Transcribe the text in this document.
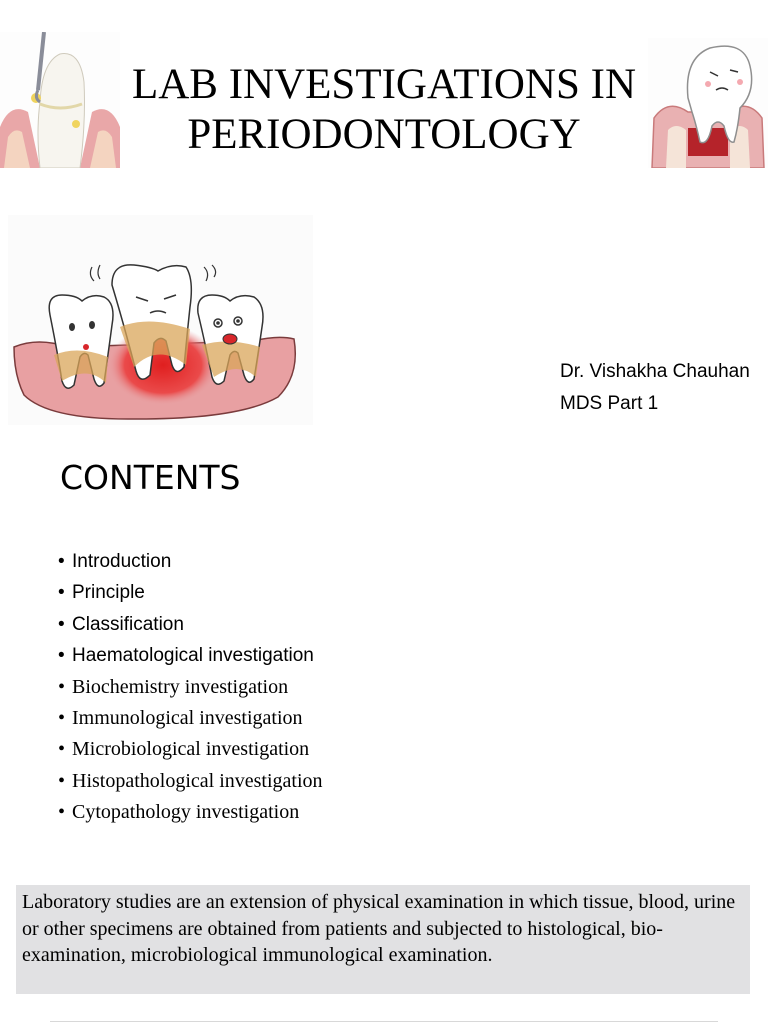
LAB INVESTIGATIONS IN
PERIODONTOLOGY
Dr. Vishakha Chauhan
MDS Part 1
CONTENTS
• Introduction
• Principle
• Classification
• Haematological investigation
• Biochemistry investigation
• Immunological investigation
• Microbiological investigation
• Histopathological investigation
• Cytopathology investigation
Laboratory studies are an extension of physical examination in which tissue, blood, urine or other specimens are obtained from patients and subjected to histological, bio-examination, microbiological immunological examination.
